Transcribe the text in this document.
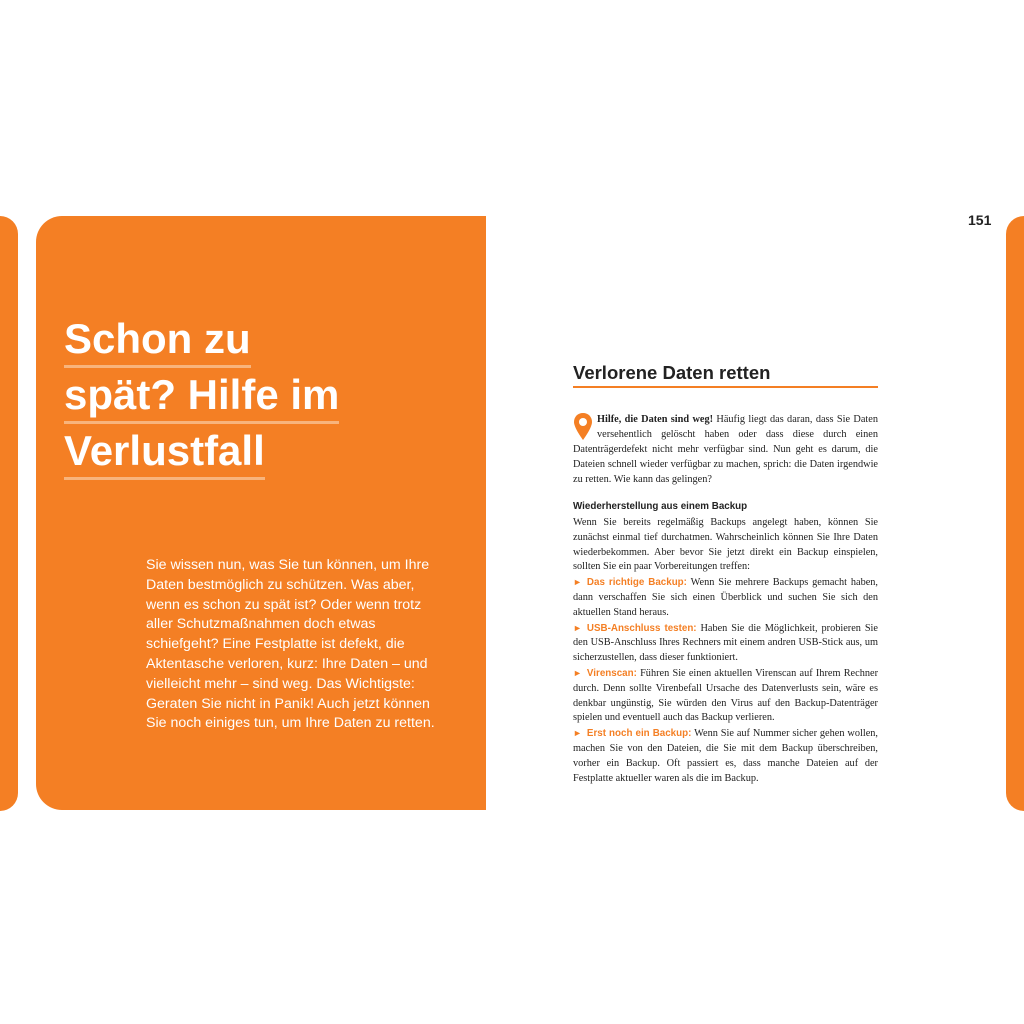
Schon zu
spät? Hilfe im
Verlustfall

Sie wissen nun, was Sie tun können, um Ihre Daten bestmöglich zu schützen. Was aber, wenn es schon zu spät ist? Oder wenn trotz aller Schutzmaßnahmen doch etwas schiefgeht? Eine Festplatte ist defekt, die Aktentasche verloren, kurz: Ihre Daten – und vielleicht mehr – sind weg. Das Wichtigste: Geraten Sie nicht in Panik! Auch jetzt können Sie noch einiges tun, um Ihre Daten zu retten.

151
Verlorene Daten retten
Hilfe, die Daten sind weg! Häufig liegt das daran, dass Sie Daten versehentlich gelöscht haben oder dass diese durch einen Datenträgerdefekt nicht mehr verfügbar sind. Nun geht es darum, die Dateien schnell wieder verfügbar zu machen, sprich: die Daten irgendwie zu retten. Wie kann das gelingen?
Wiederherstellung aus einem Backup

Wenn Sie bereits regelmäßig Backups angelegt haben, können Sie zunächst einmal tief durchatmen. Wahrscheinlich können Sie Ihre Daten wiederbekommen. Aber bevor Sie jetzt direkt ein Backup einspielen, sollten Sie ein paar Vorbereitungen treffen:

► Das richtige Backup: Wenn Sie mehrere Backups gemacht haben, dann verschaffen Sie sich einen Überblick und suchen Sie sich den aktuellen Stand heraus.

► USB-Anschluss testen: Haben Sie die Möglichkeit, probieren Sie den USB-Anschluss Ihres Rechners mit einem andren USB-Stick aus, um sicherzustellen, dass dieser funktioniert.

► Virenscan: Führen Sie einen aktuellen Virenscan auf Ihrem Rechner durch. Denn sollte Virenbefall Ursache des Datenverlusts sein, wäre es denkbar ungünstig, Sie würden den Virus auf den Backup-Datenträger spielen und eventuell auch das Backup verlieren.

► Erst noch ein Backup: Wenn Sie auf Nummer sicher gehen wollen, machen Sie von den Dateien, die Sie mit dem Backup überschreiben, vorher ein Backup. Oft passiert es, dass manche Dateien auf der Festplatte aktueller waren als die im Backup.
